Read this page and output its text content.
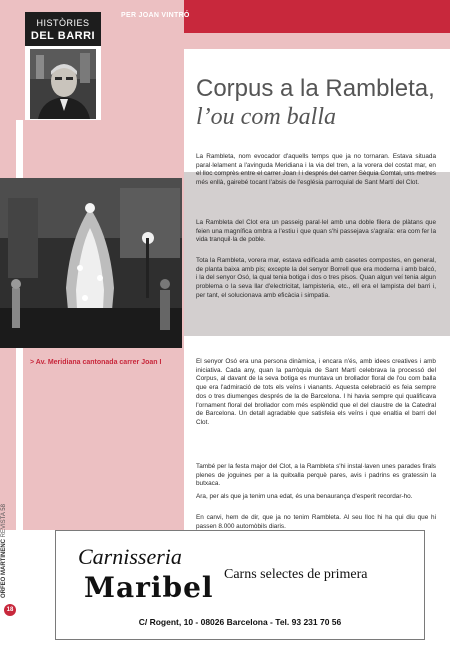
PER JOAN VINTRÓ
HISTÒRIES
DEL BARRI
> Av. Meridiana cantonada carrer Joan I
Corpus a la Rambleta,
l’ou com balla
La Rambleta, nom evocador d'aquells temps que ja no tornaran. Estava situada paral·lelament a l'avinguda Meridiana i la via del tren, a la vorera del costat mar, en el lloc comprès entre el carrer Joan I i després del carrer Sèquia Comtal, uns metres més enllà, gairebé tocant l'absis de l'església parroquial de Sant Martí del Clot.
La Rambleta del Clot era un passeig paral·lel amb una doble filera de plàtans que feien una magnífica ombra a l'estiu i que quan s'hi passejava s'agraïa: era com fer la vida tranquil·la de poble.
Tota la Rambleta, vorera mar, estava edificada amb casetes compostes, en general, de planta baixa amb pis; excepte la del senyor Borrell que era moderna i amb balcó, i la del senyor Osó, la qual tenia botiga i dos o tres pisos. Quan algun veí tenia algun problema o la seva llar d'electricitat, lampisteria, etc., ell era el lampista del barri i, per tant, el solucionava amb eficàcia i simpatia.
El senyor Osó era una persona dinàmica, i encara n'és, amb idees creatives i amb iniciativa. Cada any, quan la parròquia de Sant Martí celebrava la processó del Corpus, al davant de la seva botiga es muntava un brollador floral de l'ou com balla que era l'admiració de tots els veïns i vianants. Aquesta celebració es feia sempre dos o tres diumenges després de la de Barcelona. I hi havia sempre qui qualificava l'ornament floral del brollador com més esplèndid que el del claustre de la Catedral de Barcelona. Un detall agradable que satisfeia els veïns i que enaltia el barri del Clot.
També per la festa major del Clot, a la Rambleta s'hi instal·laven unes parades firals plenes de joguines per a la quitxalla perquè pares, avis i padrins es gratessin la butxaca.
Ara, per als que ja tenim una edat, és una benaurança d'esperit recordar-ho.
En canvi, hem de dir, que ja no tenim Rambleta. Al seu lloc hi ha qui diu que hi passen 8.000 automòbils diaris.
ORFEÓ MARTINENC REVISTA 58
18
Carnisseria
Maribel Carns selectes de primera
C/ Rogent, 10 - 08026 Barcelona - Tel. 93 231 70 56
